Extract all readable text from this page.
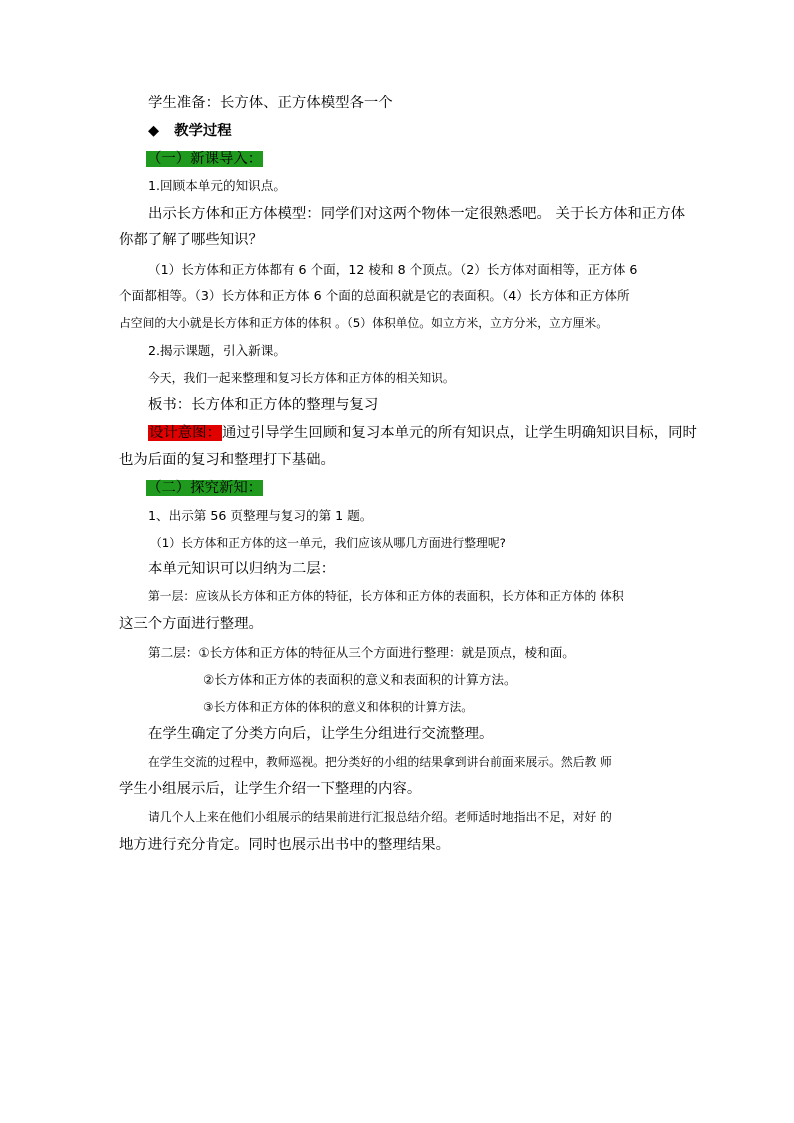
学生准备：长方体、正方体模型各一个
◆ 教学过程
（一）新课导入：
1.回顾本单元的知识点。
出示长方体和正方体模型：同学们对这两个物体一定很熟悉吧。 关于长方体和正方体
你都了解了哪些知识？
（1）长方体和正方体都有 6 个面，12 棱和 8 个顶点。（2）长方体对面相等，正方体 6
个面都相等。（3）长方体和正方体 6 个面的总面积就是它的表面积。（4）长方体和正方体所
占空间的大小就是长方体和正方体的体积 。（5）体积单位。如立方米，立方分米，立方厘米。
2.揭示课题，引入新课。
今天，我们一起来整理和复习长方体和正方体的相关知识。
板书：长方体和正方体的整理与复习
设计意图：通过引导学生回顾和复习本单元的所有知识点，让学生明确知识目标，同时
也为后面的复习和整理打下基础。
（二）探究新知：
1、出示第 56 页整理与复习的第 1 题。
（1）长方体和正方体的这一单元，我们应该从哪几方面进行整理呢?
本单元知识可以归纳为二层：
第一层：应该从长方体和正方体的特征，长方体和正方体的表面积，长方体和正方体的 体积
这三个方面进行整理。
第二层：①长方体和正方体的特征从三个方面进行整理：就是顶点，棱和面。
②长方体和正方体的表面积的意义和表面积的计算方法。
③长方体和正方体的体积的意义和体积的计算方法。
在学生确定了分类方向后，让学生分组进行交流整理。
在学生交流的过程中，教师巡视。把分类好的小组的结果拿到讲台前面来展示。然后教 师
学生小组展示后，让学生介绍一下整理的内容。
请几个人上来在他们小组展示的结果前进行汇报总结介绍。老师适时地指出不足，对好 的
地方进行充分肯定。同时也展示出书中的整理结果。
